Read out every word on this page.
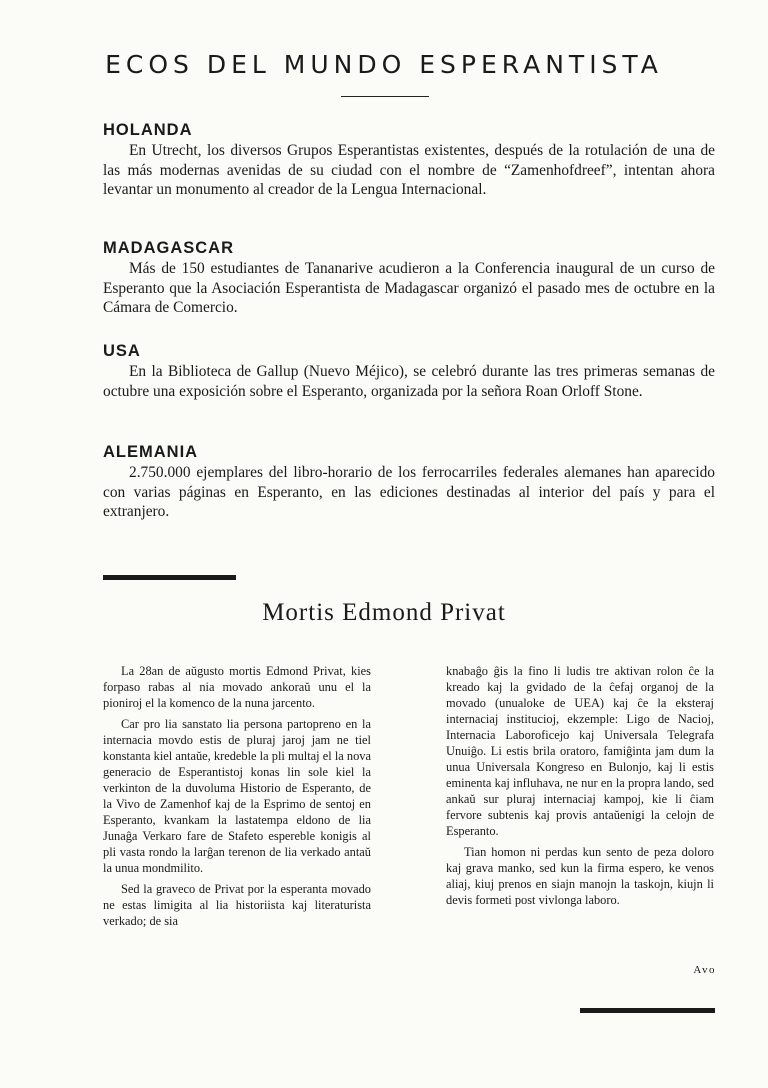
ECOS DEL MUNDO ESPERANTISTA
HOLANDA

En Utrecht, los diversos Grupos Esperantistas existentes, después de la rotulación de una de las más modernas avenidas de su ciudad con el nombre de “Zamenhofdreef”, intentan ahora levantar un monumento al creador de la Lengua Internacional.

MADAGASCAR

Más de 150 estudiantes de Tananarive acudieron a la Conferencia inaugural de un curso de Esperanto que la Asociación Esperantista de Madagascar organizó el pasado mes de octubre en la Cámara de Comercio.

USA

En la Biblioteca de Gallup (Nuevo Méjico), se celebró durante las tres primeras semanas de octubre una exposición sobre el Esperanto, organizada por la señora Roan Orloff Stone.

ALEMANIA

2.750.000 ejemplares del libro-horario de los ferrocarriles federales alemanes han aparecido con varias páginas en Esperanto, en las ediciones destinadas al interior del país y para el extranjero.

Mortis Edmond Privat

La 28an de aŭgusto mortis Edmond Privat, kies forpaso rabas al nia movado ankoraŭ unu el la pioniroj el la komenco de la nuna jarcento.

Car pro lia sanstato lia persona partopreno en la internacia movdo estis de pluraj jaroj jam ne tiel konstanta kiel antaŭe, kredeble la pli multaj el la nova generacio de Esperantistoj konas lin sole kiel la verkinton de la duvoluma Historio de Esperanto, de la Vivo de Zamenhof kaj de la Esprimo de sentoj en Esperanto, kvankam la lastatempa eldono de lia Junaĝa Verkaro fare de Stafeto espereble konigis al pli vasta rondo la larĝan terenon de lia verkado antaŭ la unua mondmilito.

Sed la graveco de Privat por la esperanta movado ne estas limigita al lia historiista kaj literaturista verkado; de sia

knabaĝo ĝis la fino li ludis tre aktivan rolon ĉe la kreado kaj la gvidado de la ĉefaj organoj de la movado (unualoke de UEA) kaj ĉe la eksteraj internaciaj institucioj, ekzemple: Ligo de Nacioj, Internacia Laboroficejo kaj Universala Telegrafa Unuiĝo. Li estis brila oratoro, famiĝinta jam dum la unua Universala Kongreso en Bulonjo, kaj li estis eminenta kaj influhava, ne nur en la propra lando, sed ankaŭ sur pluraj internaciaj kampoj, kie li ĉiam fervore subtenis kaj provis antaŭenigi la celojn de Esperanto.

Tian homon ni perdas kun sento de peza doloro kaj grava manko, sed kun la firma espero, ke venos aliaj, kiuj prenos en siajn manojn la taskojn, kiujn li devis formeti post vivlonga laboro.

Avo
